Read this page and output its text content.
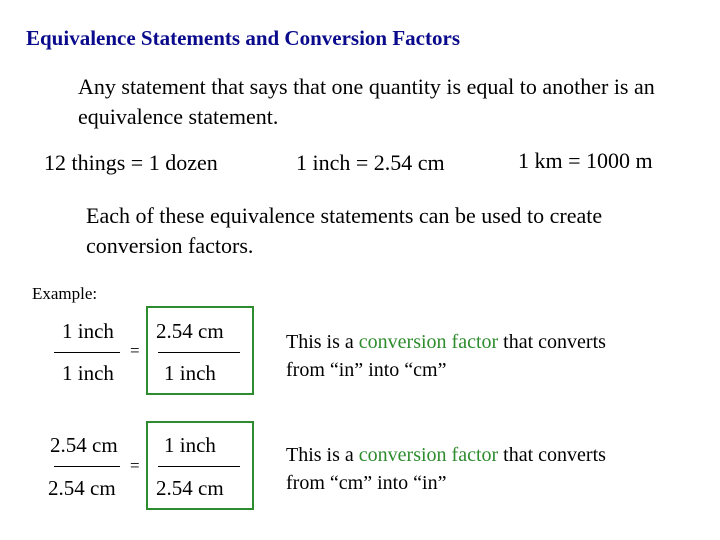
Equivalence Statements and Conversion Factors
Any statement that says that one quantity is equal to another is an equivalence statement.
12 things = 1 dozen	1 inch = 2.54 cm	1 km = 1000 m
Each of these equivalence statements can be used to create conversion factors.
Example:
1 inch
1 inch
=
2.54 cm
1 inch
This is a conversion factor that converts
from “in” into “cm”
2.54 cm
2.54 cm
=
1 inch
2.54 cm
This is a conversion factor that converts
from “cm” into “in”
